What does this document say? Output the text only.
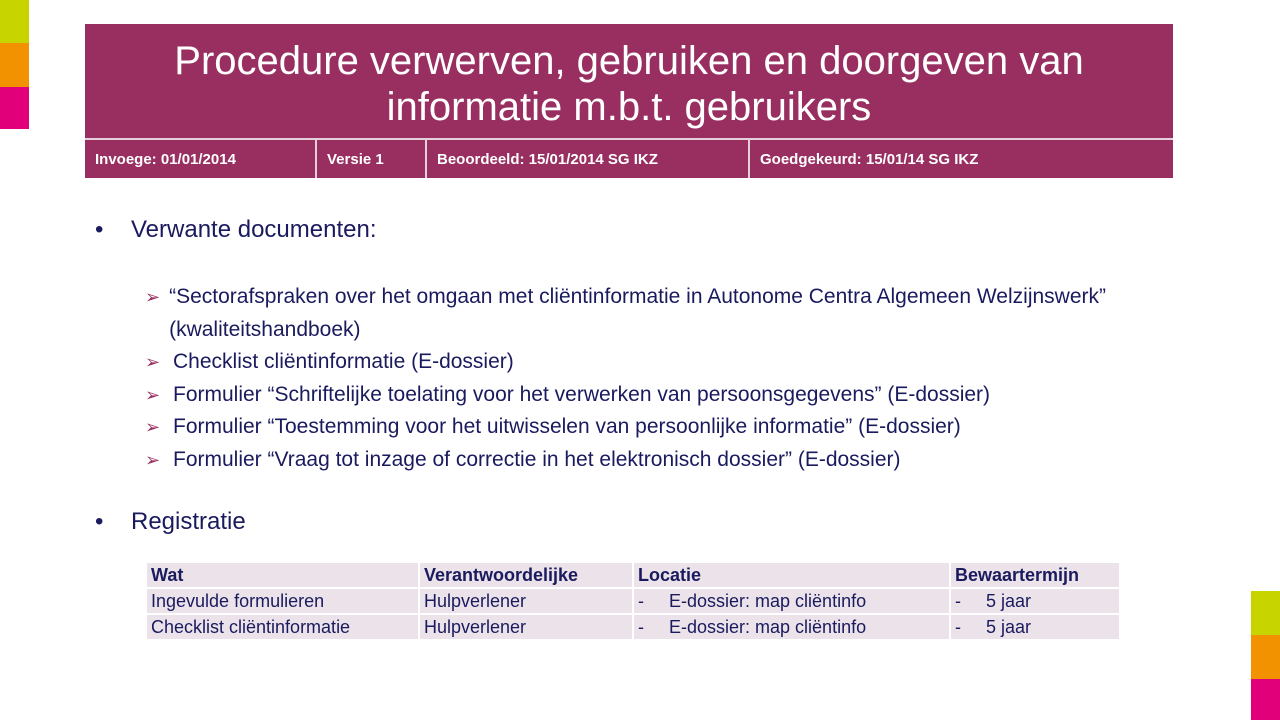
Procedure verwerven, gebruiken en doorgeven van informatie m.b.t. gebruikers
Invoege: 01/01/2014	Versie 1	Beoordeeld: 15/01/2014 SG IKZ	Goedgekeurd: 15/01/14 SG IKZ
• Verwante documenten:
➢ “Sectorafspraken over het omgaan met cliëntinformatie in Autonome Centra Algemeen Welzijnswerk” (kwaliteitshandboek)
➢ Checklist cliëntinformatie (E-dossier)
➢ Formulier “Schriftelijke toelating voor het verwerken van persoonsgegevens” (E-dossier)
➢ Formulier “Toestemming voor het uitwisselen van persoonlijke informatie” (E-dossier)
➢ Formulier “Vraag tot inzage of correctie in het elektronisch dossier” (E-dossier)
• Registratie
Wat	Verantwoordelijke	Locatie	Bewaartermijn
Ingevulde formulieren	Hulpverlener	-     E-dossier: map cliëntinfo	-     5 jaar
Checklist cliëntinformatie	Hulpverlener	-     E-dossier: map cliëntinfo	-     5 jaar
